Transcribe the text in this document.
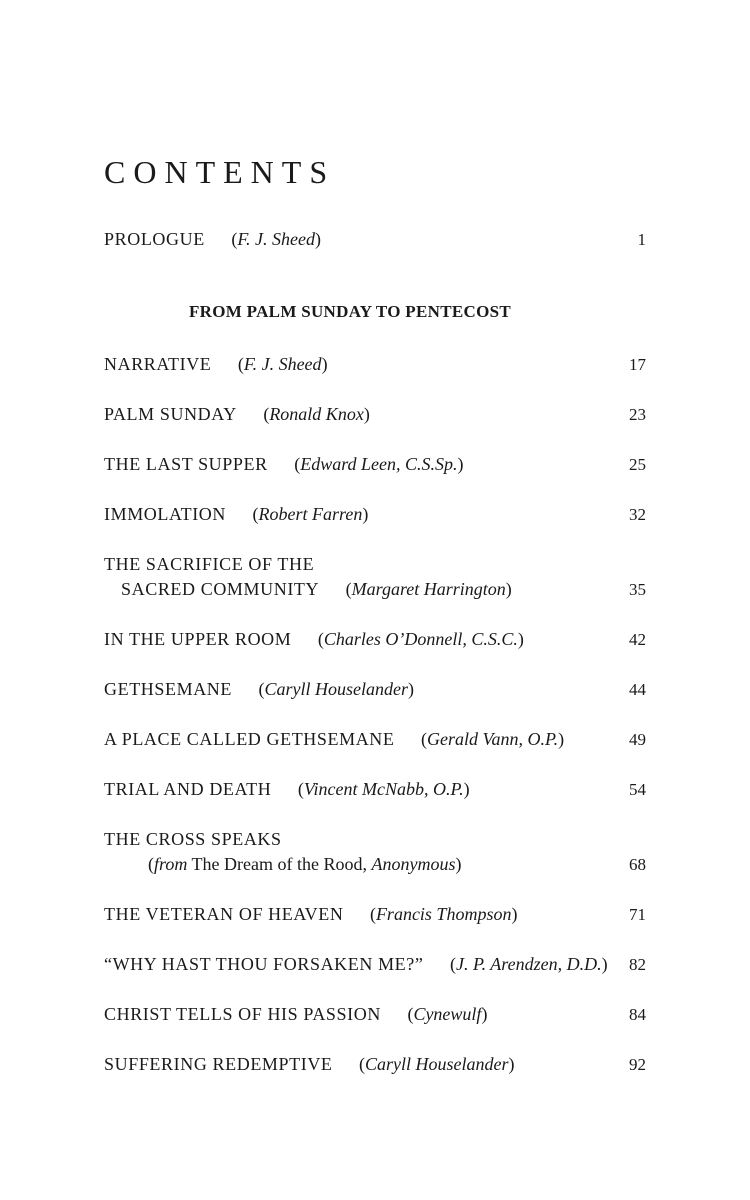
CONTENTS
PROLOGUE (F. J. Sheed)	1
FROM PALM SUNDAY TO PENTECOST
NARRATIVE (F. J. Sheed)	17
PALM SUNDAY (Ronald Knox)	23
THE LAST SUPPER (Edward Leen, C.S.Sp.)	25
IMMOLATION (Robert Farren)	32
THE SACRIFICE OF THE
SACRED COMMUNITY (Margaret Harrington)	35
IN THE UPPER ROOM (Charles O’Donnell, C.S.C.)	42
GETHSEMANE (Caryll Houselander)	44
A PLACE CALLED GETHSEMANE (Gerald Vann, O.P.)	49
TRIAL AND DEATH (Vincent McNabb, O.P.)	54
THE CROSS SPEAKS
(from The Dream of the Rood, Anonymous)	68
THE VETERAN OF HEAVEN (Francis Thompson)	71
“WHY HAST THOU FORSAKEN ME?” (J. P. Arendzen, D.D.) 82
CHRIST TELLS OF HIS PASSION (Cynewulf)	84
SUFFERING REDEMPTIVE (Caryll Houselander)	92
